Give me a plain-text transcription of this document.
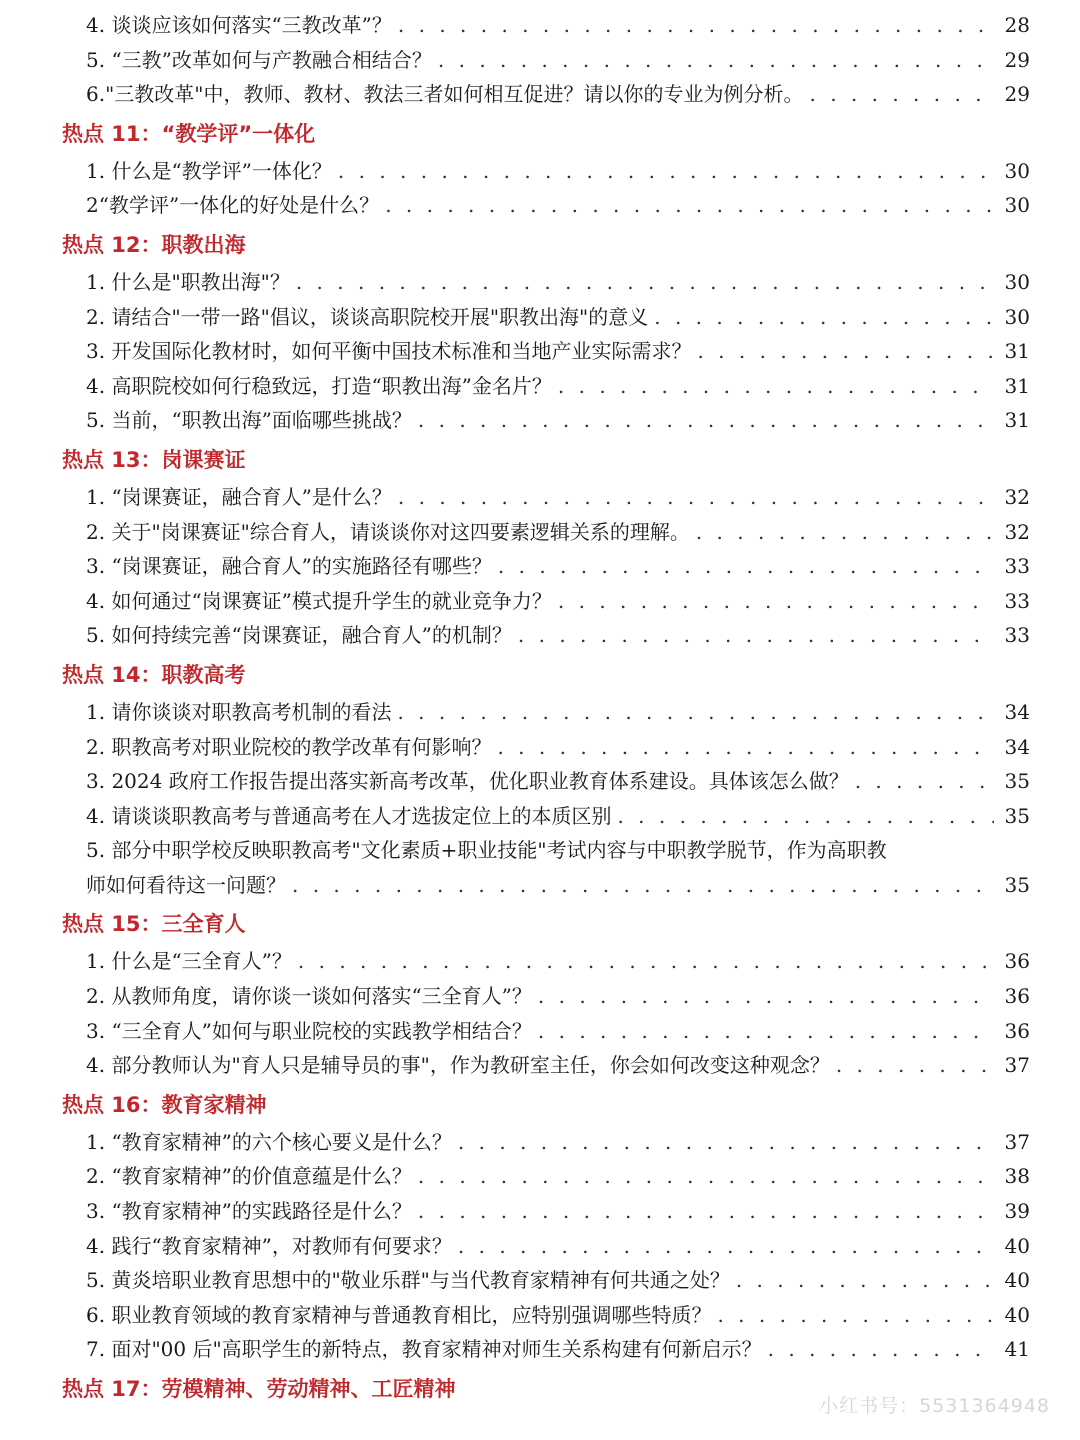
4. 谈谈应该如何落实“三教改革”？ . . .	28
5. “三教”改革如何与产教融合相结合？ . . .	29
6."三教改革"中，教师、教材、教法三者如何相互促进？请以你的专业为例分析。 . . .	29
热点 11：“教学评”一体化
1. 什么是“教学评”一体化？ . . .	30
2“教学评”一体化的好处是什么？ . . .	30
热点 12：职教出海
1. 什么是"职教出海"？ . . .	30
2. 请结合"一带一路"倡议，谈谈高职院校开展"职教出海"的意义 . . .	30
3. 开发国际化教材时，如何平衡中国技术标准和当地产业实际需求？ . . .	31
4. 高职院校如何行稳致远，打造“职教出海”金名片？ . . .	31
5. 当前，“职教出海”面临哪些挑战？ . . .	31
热点 13：岗课赛证
1. “岗课赛证，融合育人”是什么？ . . .	32
2. 关于"岗课赛证"综合育人，请谈谈你对这四要素逻辑关系的理解。 . . .	32
3. “岗课赛证，融合育人”的实施路径有哪些？ . . .	33
4. 如何通过“岗课赛证”模式提升学生的就业竞争力？ . . .	33
5. 如何持续完善“岗课赛证，融合育人”的机制？ . . .	33
热点 14：职教高考
1. 请你谈谈对职教高考机制的看法 . . .	34
2. 职教高考对职业院校的教学改革有何影响？ . . .	34
3. 2024 政府工作报告提出落实新高考改革，优化职业教育体系建设。具体该怎么做？ . . .	35
4. 请谈谈职教高考与普通高考在人才选拔定位上的本质区别 . . .	35
5. 部分中职学校反映职教高考"文化素质+职业技能"考试内容与中职教学脱节，作为高职教
师如何看待这一问题？ . . .	35
热点 15：三全育人
1. 什么是“三全育人”？ . . .	36
2. 从教师角度，请你谈一谈如何落实“三全育人”？ . . .	36
3. “三全育人”如何与职业院校的实践教学相结合？ . . .	36
4. 部分教师认为"育人只是辅导员的事"，作为教研室主任，你会如何改变这种观念？ . . .	37
热点 16：教育家精神
1. “教育家精神”的六个核心要义是什么？ . . .	37
2. “教育家精神”的价值意蕴是什么？ . . .	38
3. “教育家精神”的实践路径是什么？ . . .	39
4. 践行“教育家精神”，对教师有何要求？ . . .	40
5. 黄炎培职业教育思想中的"敬业乐群"与当代教育家精神有何共通之处？ . . .	40
6. 职业教育领域的教育家精神与普通教育相比，应特别强调哪些特质？ . . .	40
7. 面对"00 后"高职学生的新特点，教育家精神对师生关系构建有何新启示？ . . .	41
热点 17：劳模精神、劳动精神、工匠精神
小红书号：5531364948
